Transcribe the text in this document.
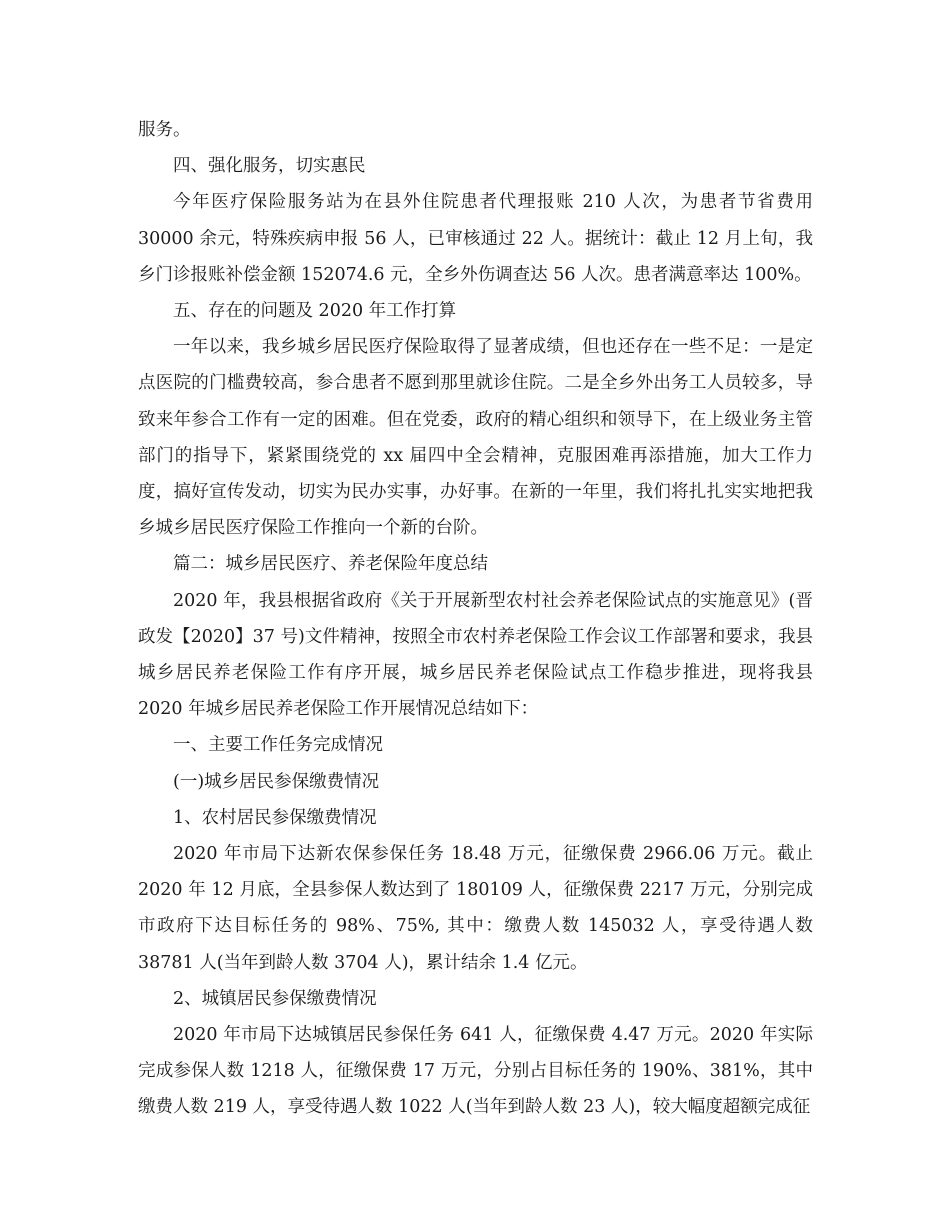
服务。

四、强化服务，切实惠民

今年医疗保险服务站为在县外住院患者代理报账 210 人次，为患者节省费用 30000 余元，特殊疾病申报 56 人，已审核通过 22 人。据统计：截止 12 月上旬，我乡门诊报账补偿金额 152074.6 元，全乡外伤调查达 56 人次。患者满意率达 100%。

五、存在的问题及 2020 年工作打算

一年以来，我乡城乡居民医疗保险取得了显著成绩，但也还存在一些不足：一是定点医院的门槛费较高，参合患者不愿到那里就诊住院。二是全乡外出务工人员较多，导致来年参合工作有一定的困难。但在党委，政府的精心组织和领导下，在上级业务主管部门的指导下，紧紧围绕党的 xx 届四中全会精神，克服困难再添措施，加大工作力度，搞好宣传发动，切实为民办实事，办好事。在新的一年里，我们将扎扎实实地把我乡城乡居民医疗保险工作推向一个新的台阶。

篇二：城乡居民医疗、养老保险年度总结

2020 年，我县根据省政府《关于开展新型农村社会养老保险试点的实施意见》(晋政发【2020】37 号)文件精神，按照全市农村养老保险工作会议工作部署和要求，我县城乡居民养老保险工作有序开展，城乡居民养老保险试点工作稳步推进，现将我县 2020 年城乡居民养老保险工作开展情况总结如下：

一、主要工作任务完成情况

(一)城乡居民参保缴费情况

1、农村居民参保缴费情况

2020 年市局下达新农保参保任务 18.48 万元，征缴保费 2966.06 万元。截止 2020 年 12 月底，全县参保人数达到了 180109 人，征缴保费 2217 万元，分别完成市政府下达目标任务的 98%、75%, 其中：缴费人数 145032 人，享受待遇人数 38781 人(当年到龄人数 3704 人)，累计结余 1.4 亿元。

2、城镇居民参保缴费情况

2020 年市局下达城镇居民参保任务 641 人，征缴保费 4.47 万元。2020 年实际完成参保人数 1218 人，征缴保费 17 万元，分别占目标任务的 190%、381%，其中缴费人数 219 人，享受待遇人数 1022 人(当年到龄人数 23 人)，较大幅度超额完成征
